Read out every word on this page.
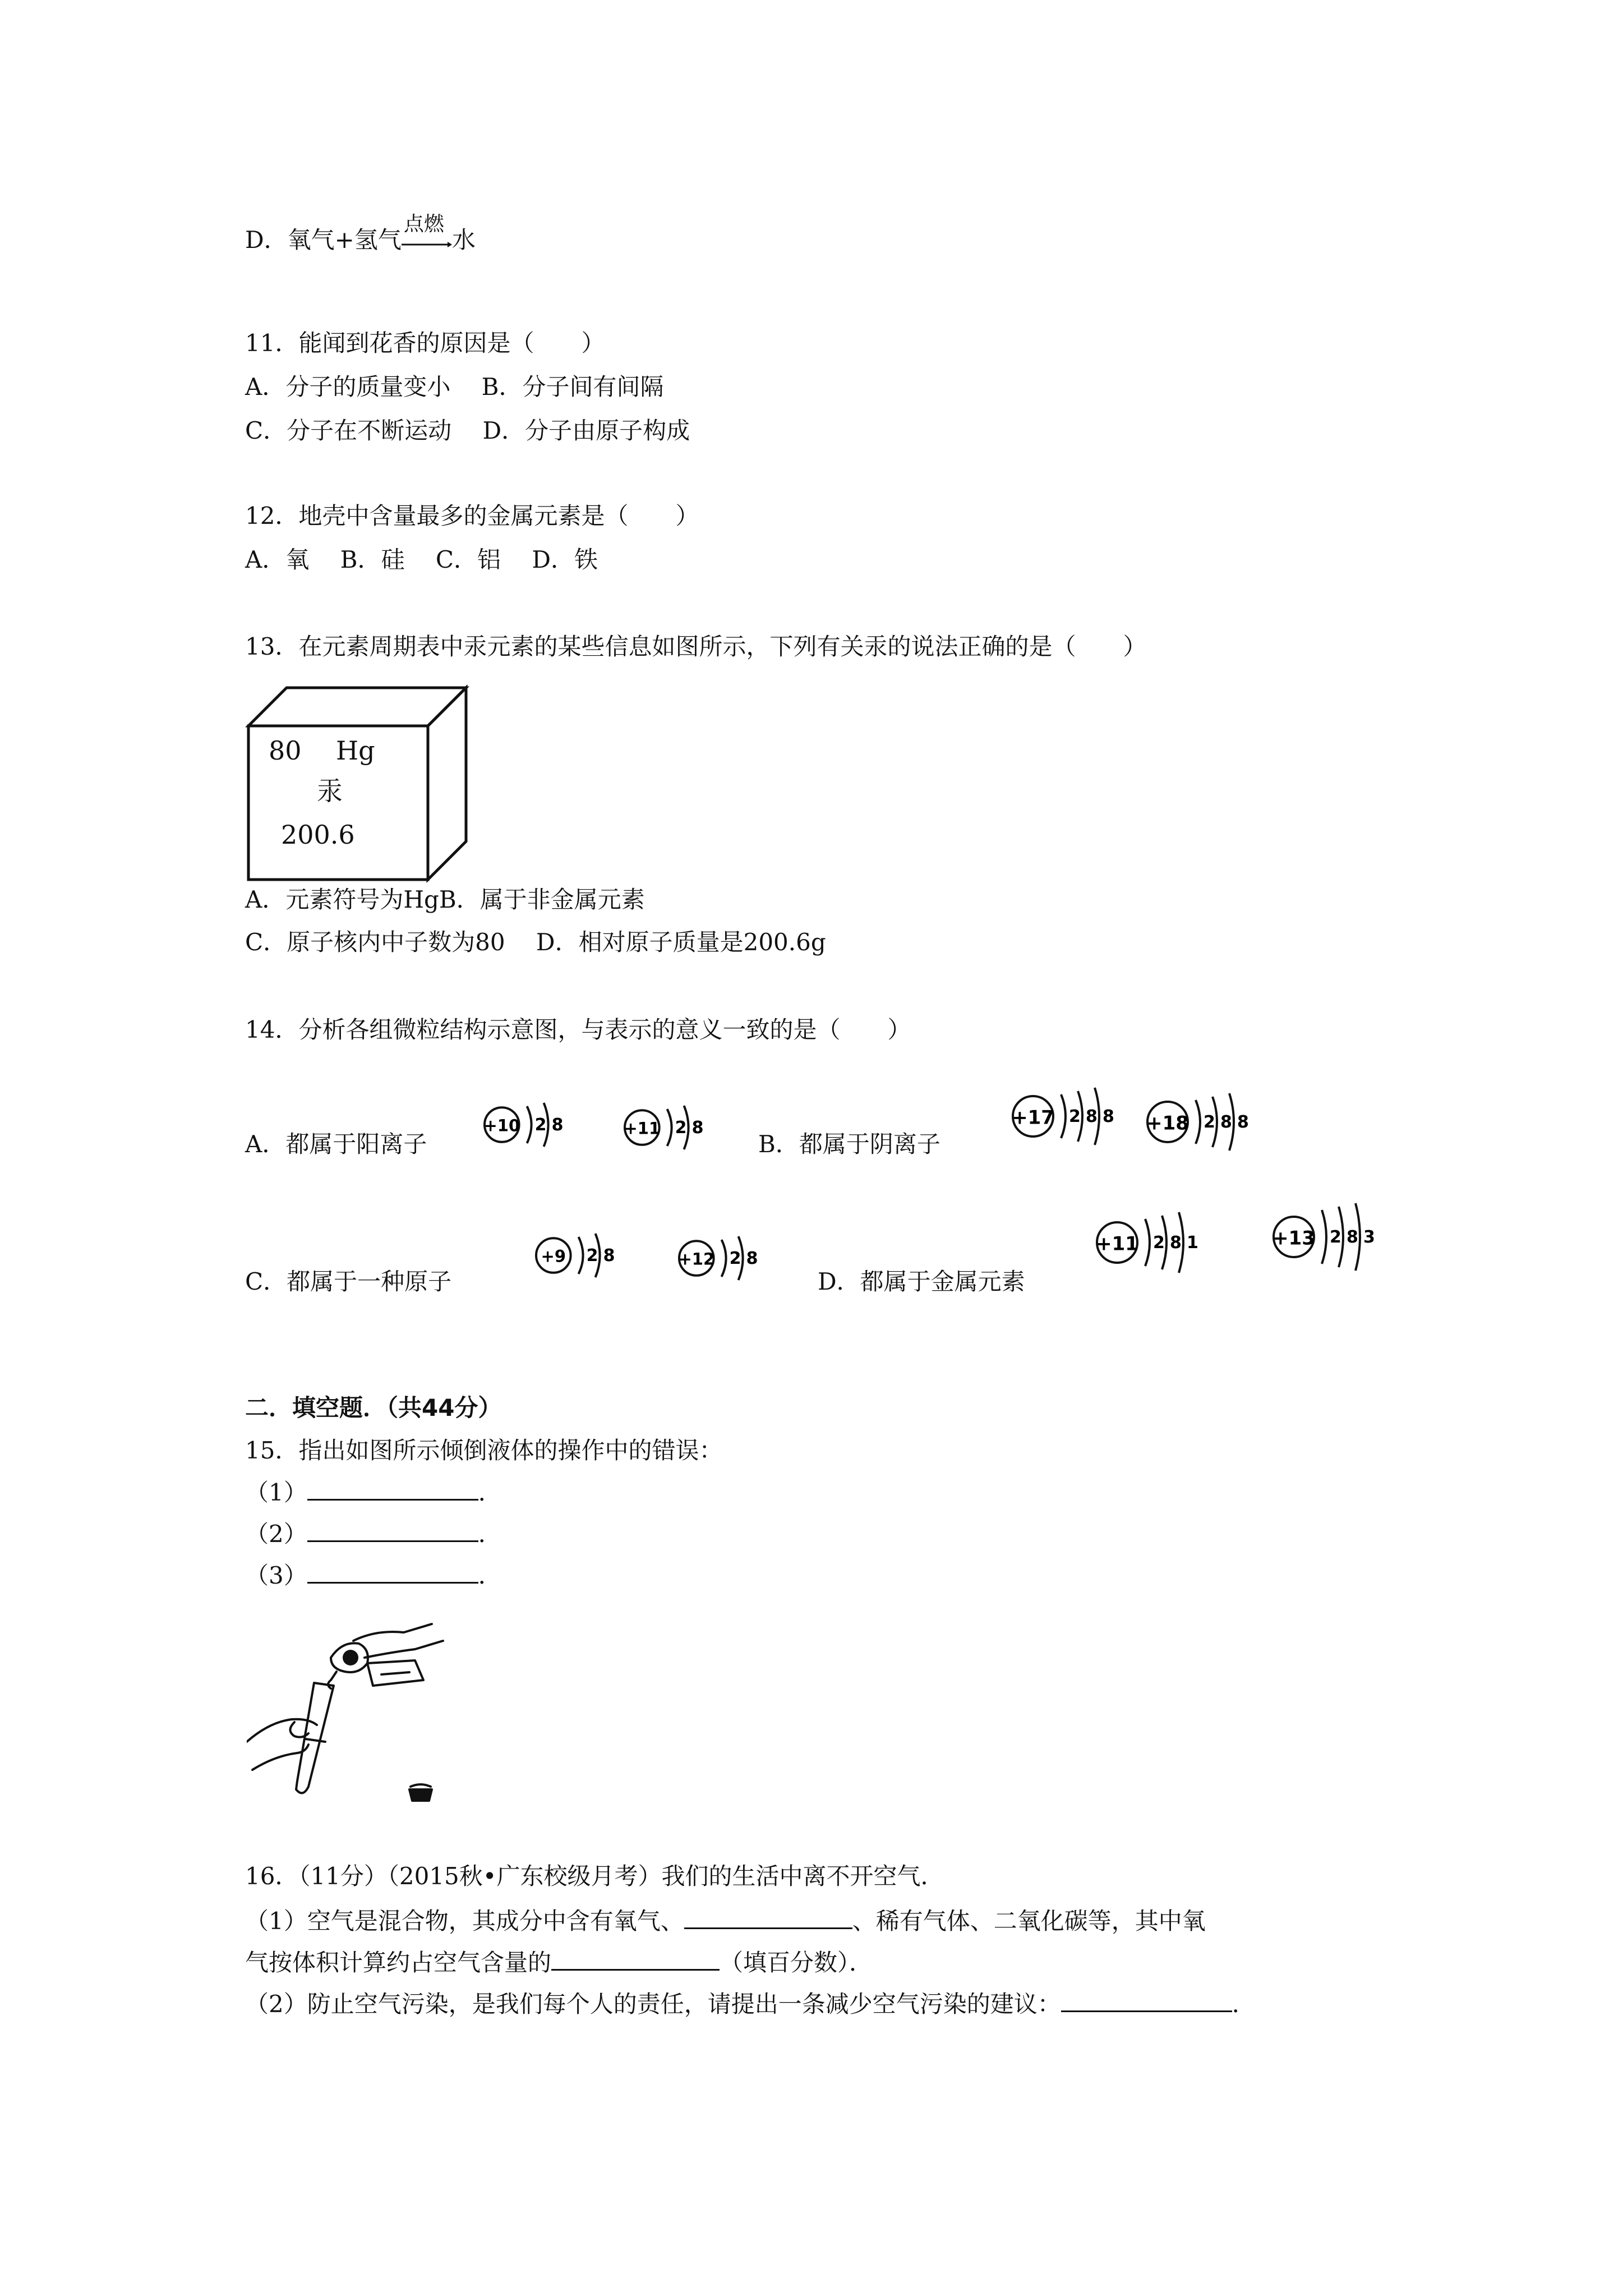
D．氧气+氢气
点燃
水
11．能闻到花香的原因是（　　）
A．分子的质量变小　 B．分子间有间隔
C．分子在不断运动　 D．分子由原子构成
12．地壳中含量最多的金属元素是（　　）
A．氧　 B．硅　 C．铝　 D．铁
13．在元素周期表中汞元素的某些信息如图所示，下列有关汞的说法正确的是（　　）
80 Hg
汞
200.6
A．元素符号为HgB．属于非金属元素
C．原子核内中子数为80　 D．相对原子质量是200.6g
14．分析各组微粒结构示意图，与表示的意义一致的是（　　）
A．都属于阳离子	B．都属于阴离子
C．都属于一种原子	D．都属于金属元素
+10 2 8	+11 2 8	+17 2 8 8 +18 2 8 8
+9 2 8	+12 2 8
+11 2 8 1	+13 2 8 3
二．填空题．（共44分）
15．指出如图所示倾倒液体的操作中的错误：
（1）	．
（2）	．
（3）	．
16．（11分）（2015秋•广东校级月考）我们的生活中离不开空气．
（1）空气是混合物，其成分中含有氧气、	、稀有气体、二氧化碳等，其中氧
气按体积计算约占空气含量的	（填百分数）．
（2）防止空气污染，是我们每个人的责任，请提出一条减少空气污染的建议：	．
